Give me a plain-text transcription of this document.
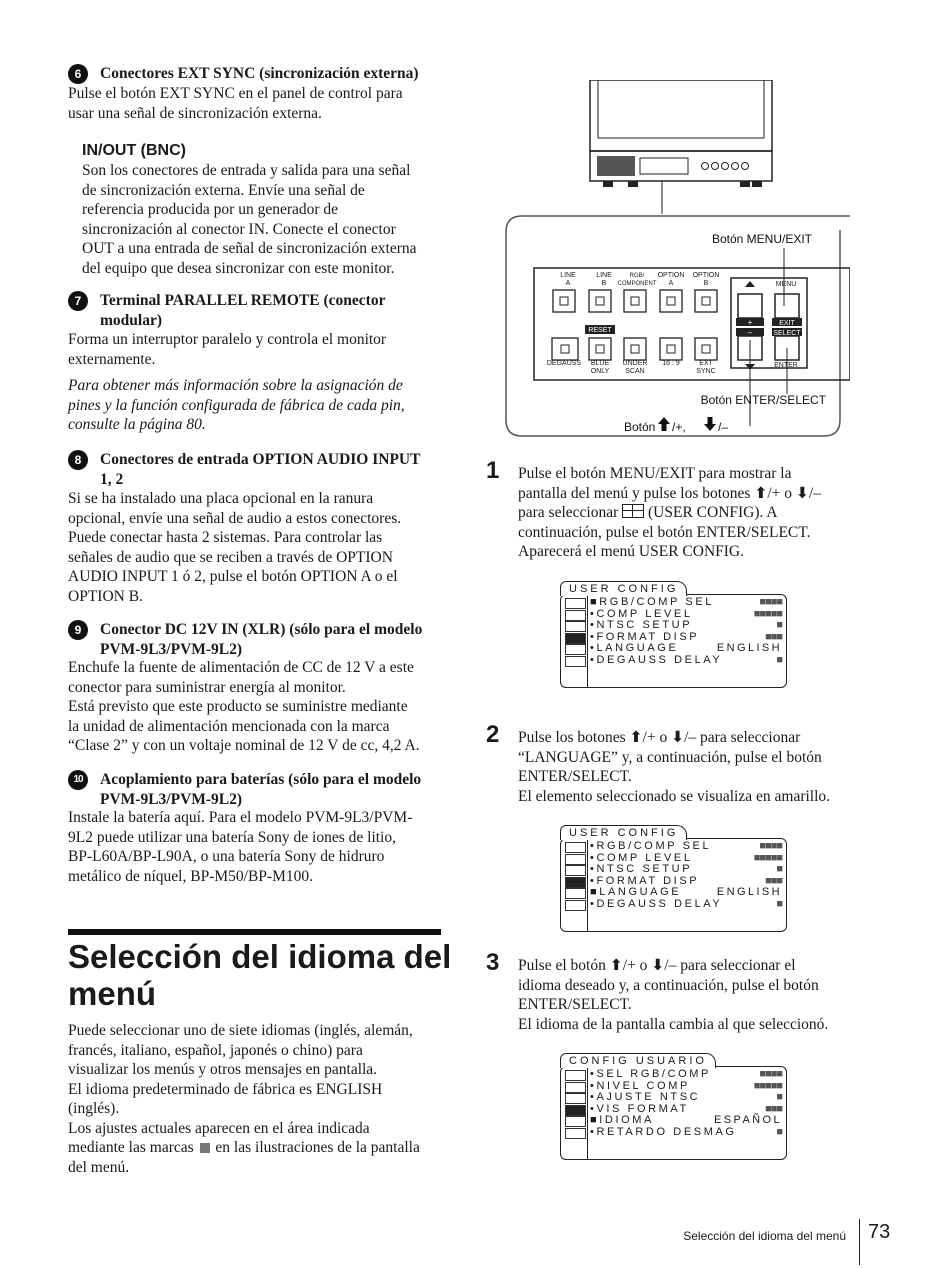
6	Conectores EXT SYNC (sincronización externa)

Pulse el botón EXT SYNC en el panel de control para

usar una señal de sincronización externa.

IN/OUT (BNC)

Son los conectores de entrada y salida para una señal

de sincronización externa. Envíe una señal de

referencia producida por un generador de

sincronización al conector IN. Conecte el conector

OUT a una entrada de señal de sincronización externa

del equipo que desea sincronizar con este monitor.

7	Terminal PARALLEL REMOTE (conector

modular)

Forma un interruptor paralelo y controla el monitor

externamente.

Para obtener más información sobre la asignación de

pines y la función configurada de fábrica de cada pin,

consulte la página 80.

8	Conectores de entrada OPTION AUDIO INPUT

1, 2

Si se ha instalado una placa opcional en la ranura

opcional, envíe una señal de audio a estos conectores.

Puede conectar hasta 2 sistemas. Para controlar las

señales de audio que se reciben a través de OPTION

AUDIO INPUT 1 ó 2, pulse el botón OPTION A o el

OPTION B.

9	Conector DC 12V IN (XLR) (sólo para el modelo

PVM-9L3/PVM-9L2)

Enchufe la fuente de alimentación de CC de 12 V a este

conector para suministrar energía al monitor.

Está previsto que este producto se suministre mediante

la unidad de alimentación mencionada con la marca

“Clase 2” y con un voltaje nominal de 12 V de cc, 4,2 A.

10	Acoplamiento para baterías (sólo para el modelo

PVM-9L3/PVM-9L2)

Instale la batería aquí. Para el modelo PVM-9L3/PVM-

9L2 puede utilizar una batería Sony de iones de litio,

BP-L60A/BP-L90A, o una batería Sony de hidruro

metálico de níquel, BP-M50/BP-M100.

Selección del idioma del

menú

Puede seleccionar uno de siete idiomas (inglés, alemán,

francés, italiano, español, japonés o chino) para

visualizar los menús y otros mensajes en pantalla.

El idioma predeterminado de fábrica es ENGLISH

(inglés).

Los ajustes actuales aparecen en el área indicada

mediante las marcas en las ilustraciones de la pantalla

del menú.

RESET
+
–
EXIT
SELECT
Botón MENU/EXIT
Botón ENTER/SELECT
Botón /+,	/–
LINE
A
LINE
B
RGB/
COMPONENT
OPTION
A
OPTION
B	MENU
DEGAUSS	BLUE
ONLY
UNDER
SCAN
16 : 9	EXT
SYNC
ENTER
1 Pulse el botón MENU/EXIT para mostrar la

pantalla del menú y pulse los botones ⬆/+ o ⬇/–

para seleccionar (USER CONFIG). A

continuación, pulse el botón ENTER/SELECT.

Aparecerá el menú USER CONFIG.

2 Pulse los botones ⬆/+ o ⬇/– para seleccionar

“LANGUAGE” y, a continuación, pulse el botón

ENTER/SELECT.

El elemento seleccionado se visualiza en amarillo.

3 Pulse el botón ⬆/+ o ⬇/– para seleccionar el

idioma deseado y, a continuación, pulse el botón

ENTER/SELECT.

El idioma de la pantalla cambia al que seleccionó.

USER CONFIG
■RGB/COMP SEL	■■■■
•COMP LEVEL	■■■■■
•NTSC SETUP	■
•FORMAT DISP	■■■
•LANGUAGE	ENGLISH
•DEGAUSS DELAY	■
USER CONFIG
•RGB/COMP SEL	■■■■
•COMP LEVEL	■■■■■
•NTSC SETUP	■
•FORMAT DISP	■■■
■LANGUAGE	ENGLISH
•DEGAUSS DELAY	■
CONFIG USUARIO
•SEL RGB/COMP	■■■■
•NIVEL COMP	■■■■■
•AJUSTE NTSC	■
•VIS FORMAT	■■■
■IDIOMA	ESPAÑOL
•RETARDO DESMAG	■
Selección del idioma del menú 73
